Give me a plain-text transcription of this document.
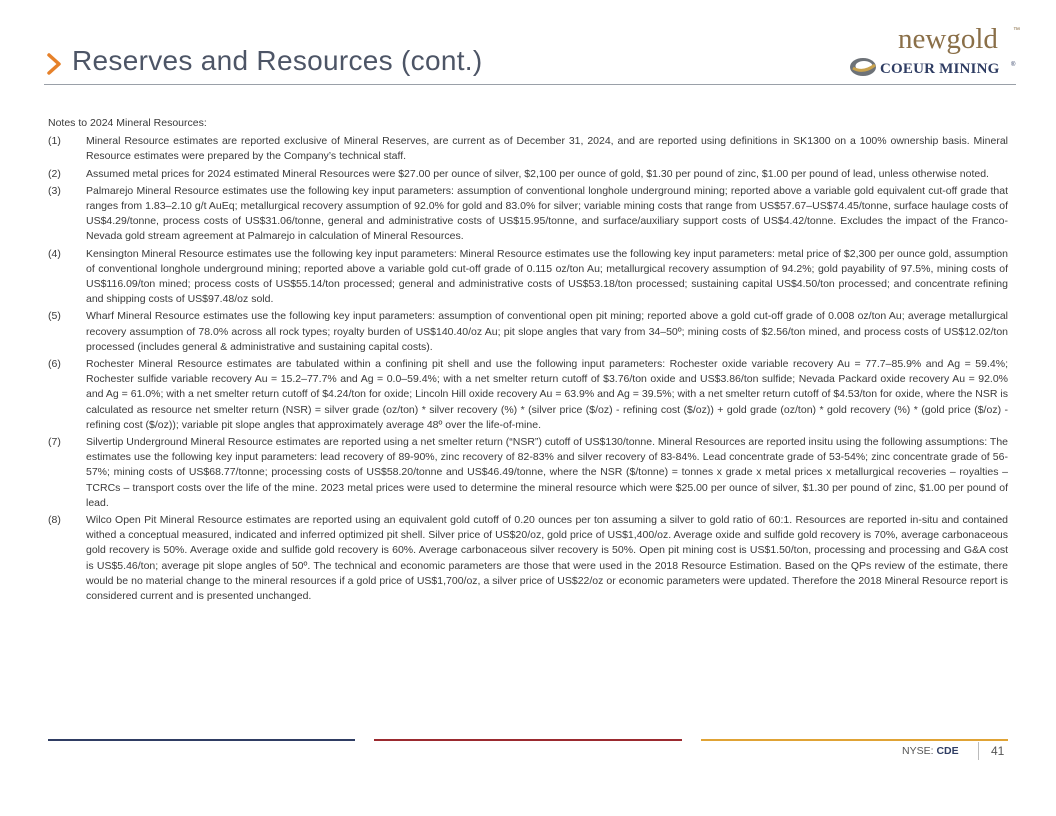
Reserves and Resources (cont.)
newgold ™
COEUR MINING ®

Notes to 2024 Mineral Resources:

(1)	Mineral Resource estimates are reported exclusive of Mineral Reserves, are current as of December 31, 2024, and are reported using definitions in SK1300 on a 100% ownership basis. Mineral Resource estimates were prepared by the Company’s technical staff.
(2)	Assumed metal prices for 2024 estimated Mineral Resources were $27.00 per ounce of silver, $2,100 per ounce of gold, $1.30 per pound of zinc, $1.00 per pound of lead, unless otherwise noted.
(3)	Palmarejo Mineral Resource estimates use the following key input parameters: assumption of conventional longhole underground mining; reported above a variable gold equivalent cut-off grade that ranges from 1.83–2.10 g/t AuEq; metallurgical recovery assumption of 92.0% for gold and 83.0% for silver; variable mining costs that range from US$57.67–US$74.45/tonne, surface haulage costs of US$4.29/tonne, process costs of US$31.06/tonne, general and administrative costs of US$15.95/tonne, and surface/auxiliary support costs of US$4.42/tonne. Excludes the impact of the Franco-Nevada gold stream agreement at Palmarejo in calculation of Mineral Resources.
(4)	Kensington Mineral Resource estimates use the following key input parameters: Mineral Resource estimates use the following key input parameters: metal price of $2,300 per ounce gold, assumption of conventional longhole underground mining; reported above a variable gold cut-off grade of 0.115 oz/ton Au; metallurgical recovery assumption of 94.2%; gold payability of 97.5%, mining costs of US$116.09/ton mined; process costs of US$55.14/ton processed; general and administrative costs of US$53.18/ton processed; sustaining capital US$4.50/ton processed; and concentrate refining and shipping costs of US$97.48/oz sold.
(5)	Wharf Mineral Resource estimates use the following key input parameters: assumption of conventional open pit mining; reported above a gold cut-off grade of 0.008 oz/ton Au; average metallurgical recovery assumption of 78.0% across all rock types; royalty burden of US$140.40/oz Au; pit slope angles that vary from 34–50º; mining costs of $2.56/ton mined, and process costs of US$12.02/ton processed (includes general & administrative and sustaining capital costs).
(6)	Rochester Mineral Resource estimates are tabulated within a confining pit shell and use the following input parameters: Rochester oxide variable recovery Au = 77.7–85.9% and Ag = 59.4%; Rochester sulfide variable recovery Au = 15.2–77.7% and Ag = 0.0–59.4%; with a net smelter return cutoff of $3.76/ton oxide and US$3.86/ton sulfide; Nevada Packard oxide recovery Au = 92.0% and Ag = 61.0%; with a net smelter return cutoff of $4.24/ton for oxide; Lincoln Hill oxide recovery Au = 63.9% and Ag = 39.5%; with a net smelter return cutoff of $4.53/ton for oxide, where the NSR is calculated as resource net smelter return (NSR) = silver grade (oz/ton) * silver recovery (%) * (silver price ($/oz) - refining cost ($/oz)) + gold grade (oz/ton) * gold recovery (%) * (gold price ($/oz) - refining cost ($/oz)); variable pit slope angles that approximately average 48º over the life-of-mine.
(7)	Silvertip Underground Mineral Resource estimates are reported using a net smelter return (“NSR”) cutoff of US$130/tonne. Mineral Resources are reported insitu using the following assumptions: The estimates use the following key input parameters: lead recovery of 89-90%, zinc recovery of 82-83% and silver recovery of 83-84%. Lead concentrate grade of 53-54%; zinc concentrate grade of 56-57%; mining costs of US$68.77/tonne; processing costs of US$58.20/tonne and US$46.49/tonne, where the NSR ($/tonne) = tonnes x grade x metal prices x metallurgical recoveries – royalties – TCRCs – transport costs over the life of the mine. 2023 metal prices were used to determine the mineral resource which were $25.00 per ounce of silver, $1.30 per pound of zinc, $1.00 per pound of lead.
(8)	Wilco Open Pit Mineral Resource estimates are reported using an equivalent gold cutoff of 0.20 ounces per ton assuming a silver to gold ratio of 60:1. Resources are reported in-situ and contained withed a conceptual measured, indicated and inferred optimized pit shell. Silver price of US$20/oz, gold price of US$1,400/oz. Average oxide and sulfide gold recovery is 70%, average carbonaceous gold recovery is 50%. Average oxide and sulfide gold recovery is 60%. Average carbonaceous silver recovery is 50%. Open pit mining cost is US$1.50/ton, processing and processing and G&A cost is US$5.46/ton; average pit slope angles of 50º. The technical and economic parameters are those that were used in the 2018 Resource Estimation. Based on the QPs review of the estimate, there would be no material change to the mineral resources if a gold price of US$1,700/oz, a silver price of US$22/oz or economic parameters were updated. Therefore the 2018 Mineral Resource report is considered current and is presented unchanged.
NYSE: CDE	41
